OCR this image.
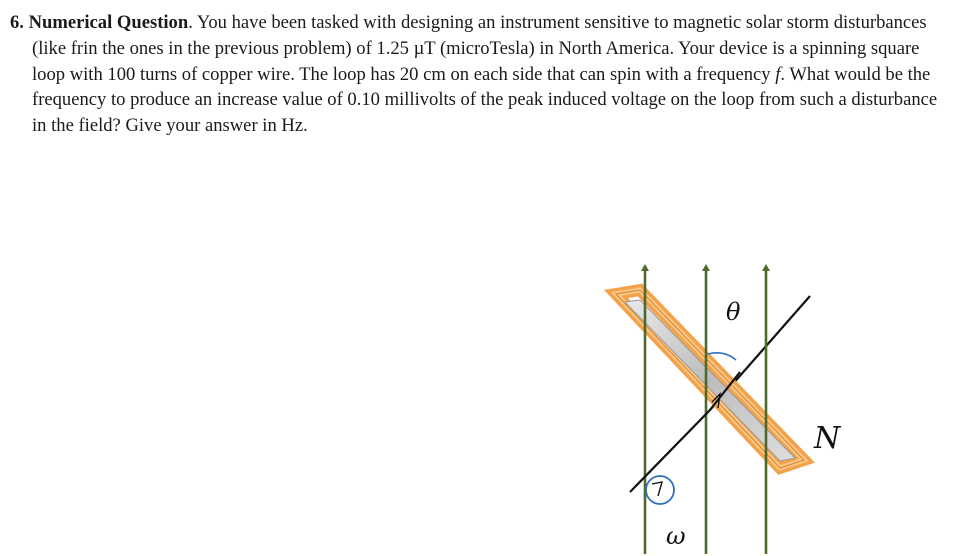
6. Numerical Question. You have been tasked with designing an instrument sensitive to magnetic solar storm disturbances (like frin the ones in the previous problem) of 1.25 µT (microTesla) in North America. Your device is a spinning square loop with 100 turns of copper wire. The loop has 20 cm on each side that can spin with a frequency f. What would be the frequency to produce an increase value of 0.10 millivolts of the peak induced voltage on the loop from such a disturbance in the field? Give your answer in Hz.

θ
N
ω
